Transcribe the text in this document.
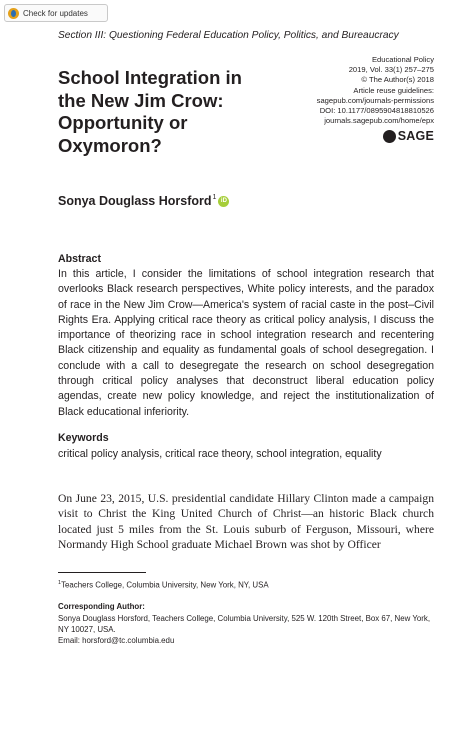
Check for updates
Section III: Questioning Federal Education Policy, Politics, and Bureaucracy
Educational Policy
2019, Vol. 33(1) 257–275
© The Author(s) 2018
Article reuse guidelines:
sagepub.com/journals-permissions
DOI: 10.1177/0895904818810526
journals.sagepub.com/home/epx
SAGE
School Integration in
the New Jim Crow:
Opportunity or
Oxymoron?
Sonya Douglass Horsford$^1$ iD
Abstract
In this article, I consider the limitations of school integration research that overlooks Black research perspectives, White policy interests, and the paradox of race in the New Jim Crow—America's system of racial caste in the post–Civil Rights Era. Applying critical race theory as critical policy analysis, I discuss the importance of theorizing race in school integration research and recentering Black citizenship and equality as fundamental goals of school desegregation. I conclude with a call to desegregate the research on school desegregation through critical policy analyses that deconstruct liberal education policy agendas, create new policy knowledge, and reject the institutionalization of Black educational inferiority.
Keywords
critical policy analysis, critical race theory, school integration, equality
On June 23, 2015, U.S. presidential candidate Hillary Clinton made a campaign visit to Christ the King United Church of Christ—an historic Black church located just 5 miles from the St. Louis suburb of Ferguson, Missouri, where Normandy High School graduate Michael Brown was shot by Officer
$^1$Teachers College, Columbia University, New York, NY, USA
Corresponding Author:
Sonya Douglass Horsford, Teachers College, Columbia University, 525 W. 120th Street, Box 67, New York, NY 10027, USA.
Email: horsford@tc.columbia.edu
